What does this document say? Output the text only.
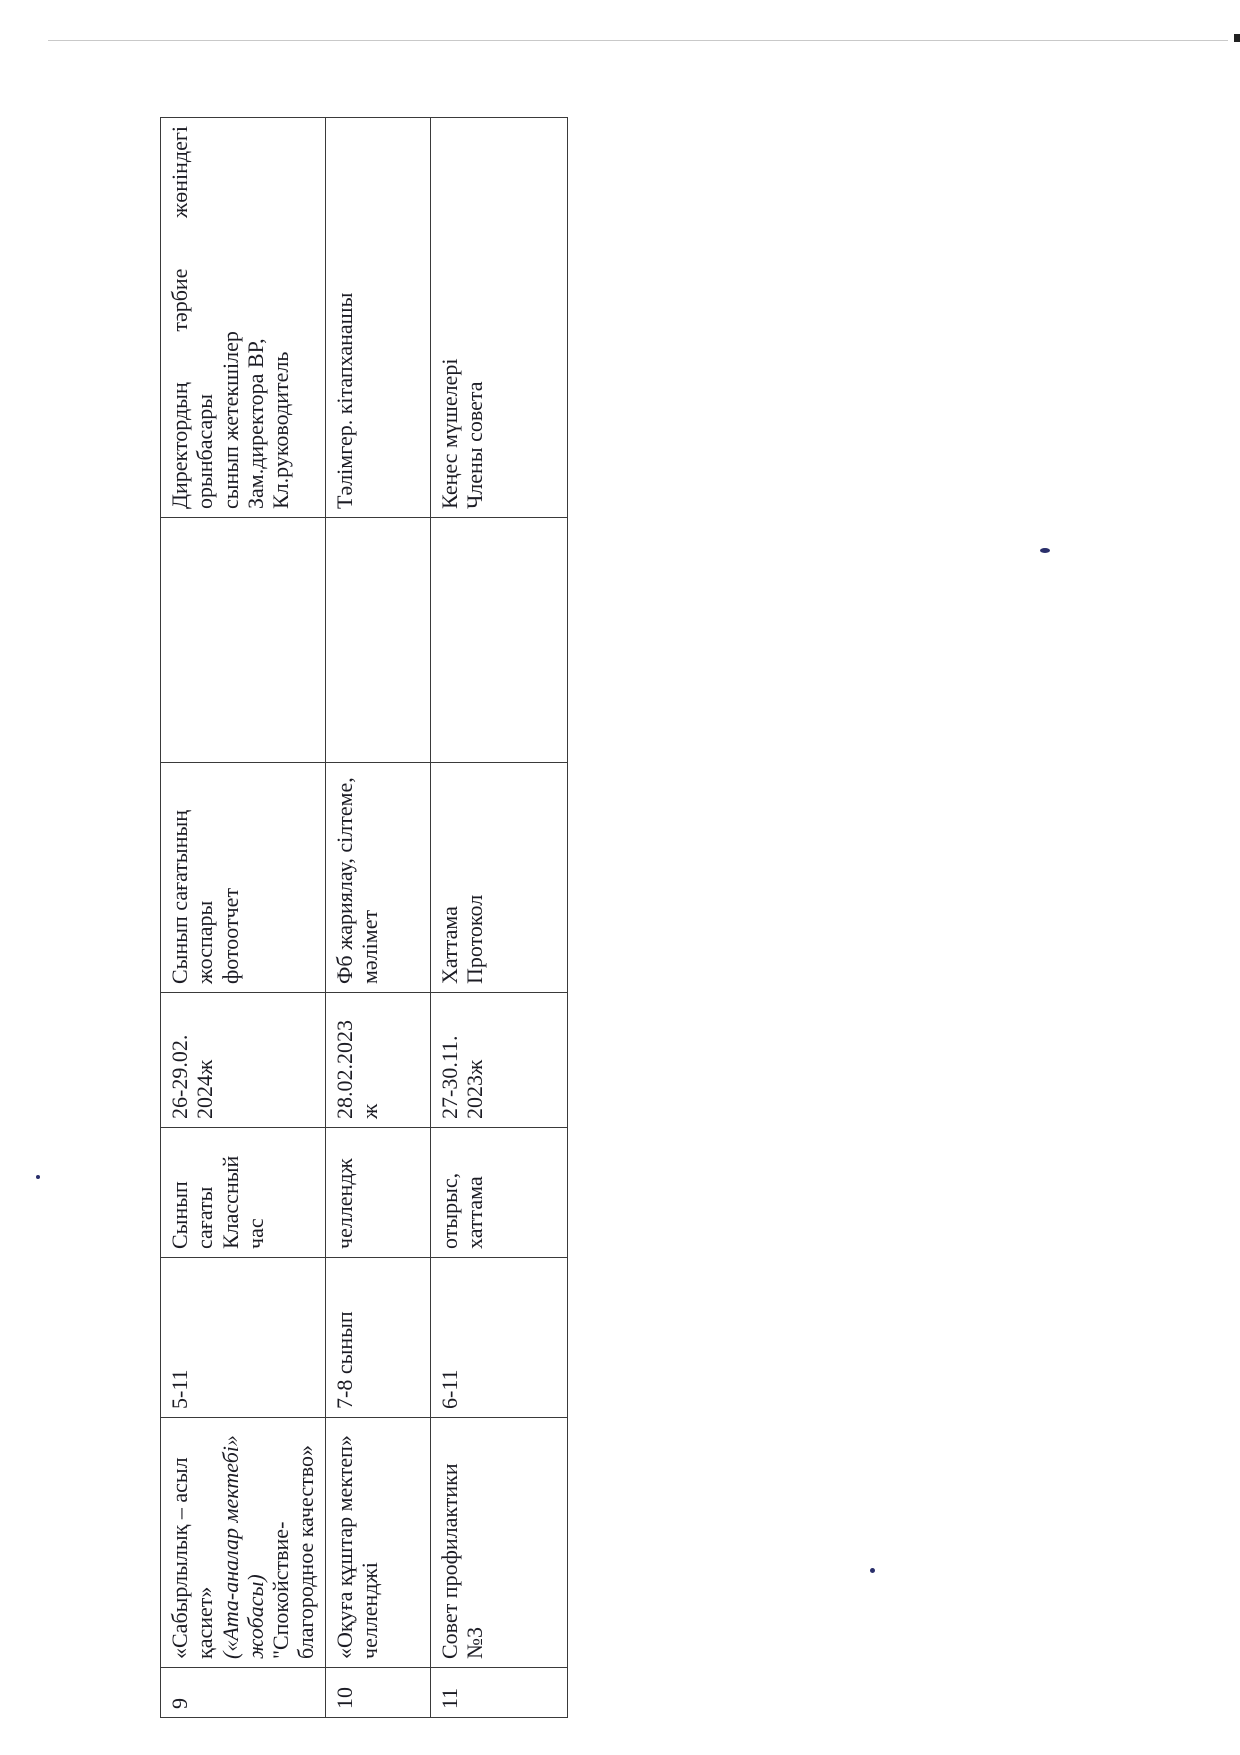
9	«Сабырлылық – асыл қасиет» («Ата-аналар мектебі» жобасы) "Спокойствие-благородное качество»	5-11	Сынып сағаты Классный час	26-29.02. 2024ж	Сынып сағатының жоспары фотоотчет		Директордың тәрбие жөніндегі орынбасары сынып жетекшілер Зам.директора ВР, Кл.руководитель

10	«Оқуға құштар мектеп» челленджі	7-8 сынып	челлендж	28.02.2023 ж	Фб жариялау, сілтеме, мәлімет		Тәлімгер. кітапханашы

11	Совет профилактики №3	6-11	отырыс, хаттама	27-30.11. 2023ж	Хаттама Протокол		Кеңес мүшелері Члены совета
